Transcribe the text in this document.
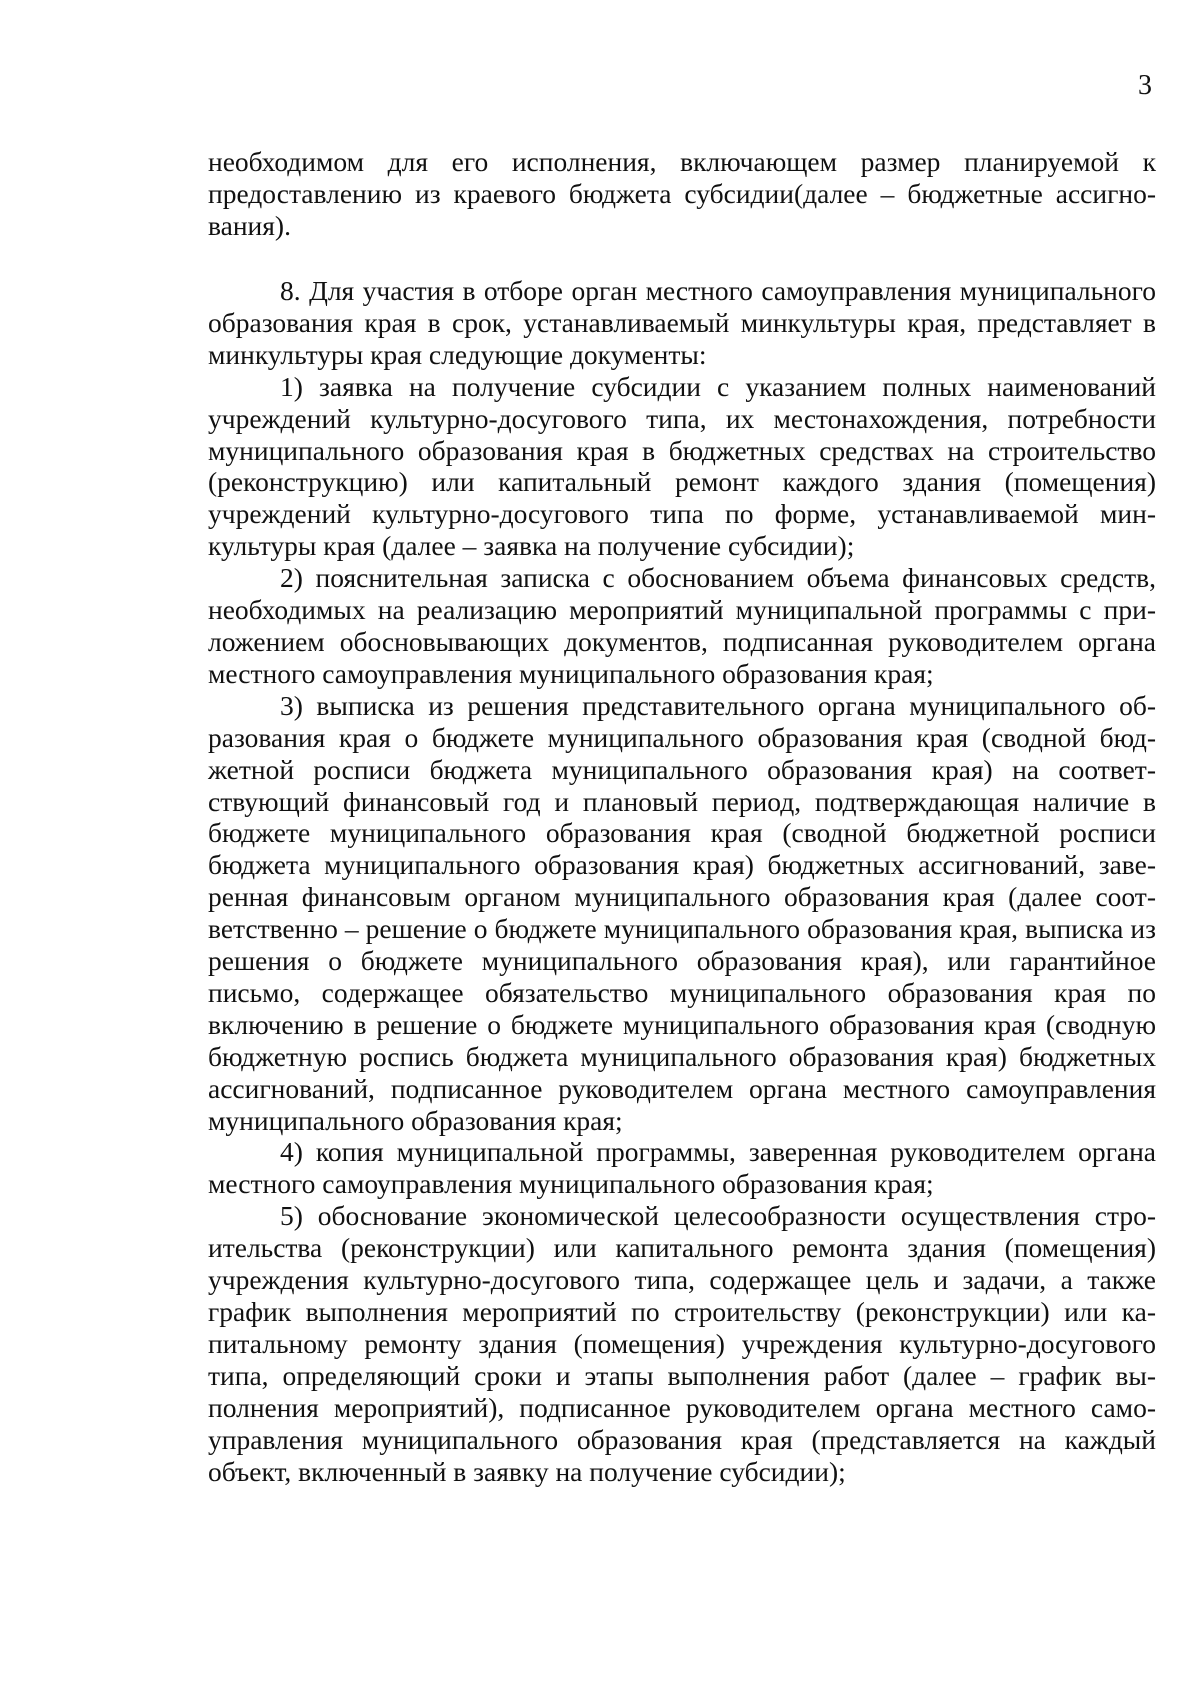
3

необходимом для его исполнения, включающем размер планируемой к предоставлению из краевого бюджета субсидии(далее – бюджетные ассигнования).

8. Для участия в отборе орган местного самоуправления муниципального образования края в срок, устанавливаемый минкультуры края, представляет в минкультуры края следующие документы:

1) заявка на получение субсидии с указанием полных наименований учреждений культурно-досугового типа, их местонахождения, потребности муниципального образования края в бюджетных средствах на строительство (реконструкцию) или капитальный ремонт каждого здания (помещения) учреждений культурно-досугового типа по форме, устанавливаемой минкультуры края (далее – заявка на получение субсидии);

2) пояснительная записка с обоснованием объема финансовых средств, необходимых на реализацию мероприятий муниципальной программы с приложением обосновывающих документов, подписанная руководителем органа местного самоуправления муниципального образования края;

3) выписка из решения представительного органа муниципального образования края о бюджете муниципального образования края (сводной бюджетной росписи бюджета муниципального образования края) на соответствующий финансовый год и плановый период, подтверждающая наличие в бюджете муниципального образования края (сводной бюджетной росписи бюджета муниципального образования края) бюджетных ассигнований, заверенная финансовым органом муниципального образования края (далее соответственно – решение о бюджете муниципального образования края, выписка из решения о бюджете муниципального образования края), или гарантийное письмо, содержащее обязательство муниципального образования края по включению в решение о бюджете муниципального образования края (сводную бюджетную роспись бюджета муниципального образования края) бюджетных ассигнований, подписанное руководителем органа местного самоуправления муниципального образования края;

4) копия муниципальной программы, заверенная руководителем органа местного самоуправления муниципального образования края;

5) обоснование экономической целесообразности осуществления строительства (реконструкции) или капитального ремонта здания (помещения) учреждения культурно-досугового типа, содержащее цель и задачи, а также график выполнения мероприятий по строительству (реконструкции) или капитальному ремонту здания (помещения) учреждения культурно-досугового типа, определяющий сроки и этапы выполнения работ (далее – график выполнения мероприятий), подписанное руководителем органа местного самоуправления муниципального образования края (представляется на каждый объект, включенный в заявку на получение субсидии);
